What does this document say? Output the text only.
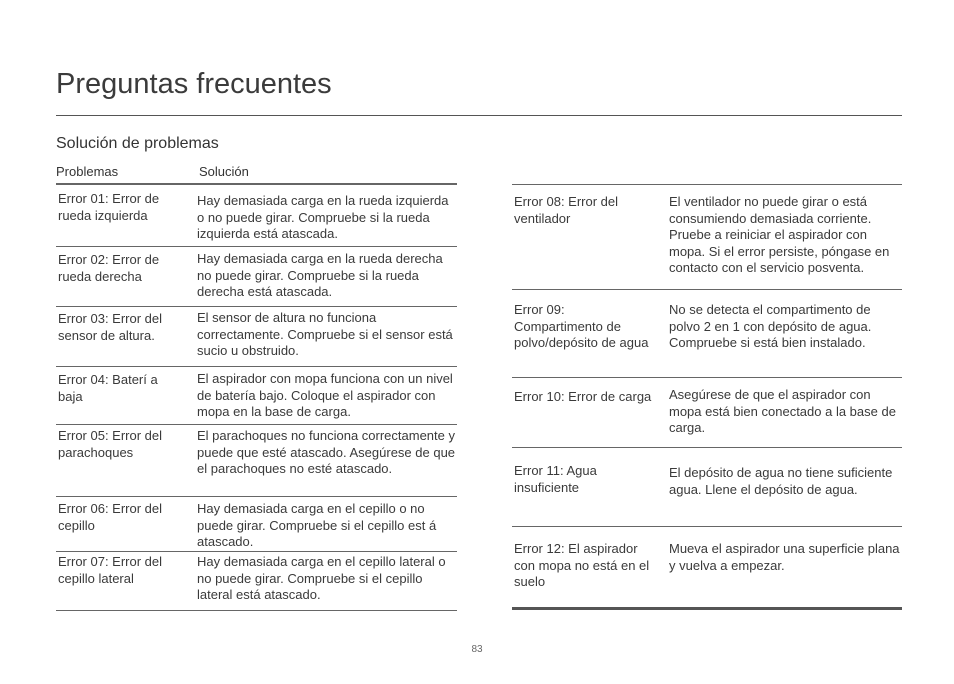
Preguntas frecuentes
Solución de problemas
Problemas	Solución
Error 01: Error de rueda izquierda
Hay demasiada carga en la rueda izquierda o no puede girar. Compruebe si la rueda izquierda está atascada.
Error 02: Error de rueda derecha
Hay demasiada carga en la rueda derecha no puede girar. Compruebe si la rueda derecha está atascada.
Error 03: Error del sensor de altura.
El sensor de altura no funciona correctamente. Compruebe si el sensor está sucio u obstruido.
Error 04: Baterí a baja
El aspirador con mopa funciona con un nivel de batería bajo. Coloque el aspirador con mopa en la base de carga.
Error 05: Error del parachoques
El parachoques no funciona correctamente y puede que esté atascado. Asegúrese de que el parachoques no esté atascado.
Error 06: Error del cepillo
Hay demasiada carga en el cepillo o no puede girar. Compruebe si el cepillo est á atascado.
Error 07: Error del cepillo lateral
Hay demasiada carga en el cepillo lateral o no puede girar. Compruebe si el cepillo lateral está atascado.
Error 08: Error del ventilador
El ventilador no puede girar o está consumiendo demasiada corriente. Pruebe a reiniciar el aspirador con mopa. Si el error persiste, póngase en contacto con el servicio posventa.
Error 09: Compartimento de polvo/depósito de agua
No se detecta el compartimento de polvo 2 en 1 con depósito de agua. Compruebe si está bien instalado.
Error 10: Error de carga	Asegúrese de que el aspirador con mopa está bien conectado a la base de carga.
Error 11: Agua insuficiente
El depósito de agua no tiene suficiente agua. Llene el depósito de agua.
Error 12: El aspirador con mopa no está en el suelo
Mueva el aspirador una superficie plana y vuelva a empezar.
83
